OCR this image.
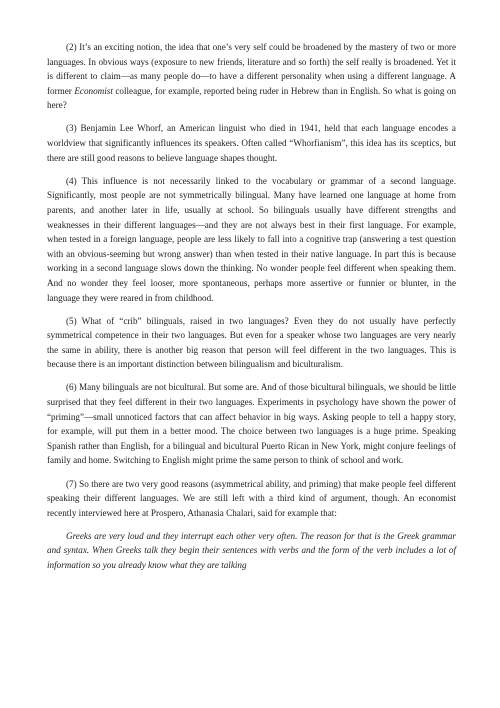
(2) It’s an exciting notion, the idea that one’s very self could be broadened by the mastery of two or more languages. In obvious ways (exposure to new friends, literature and so forth) the self really is broadened. Yet it is different to claim—as many people do—to have a different personality when using a different language. A former Economist colleague, for example, reported being ruder in Hebrew than in English. So what is going on here?

(3) Benjamin Lee Whorf, an American linguist who died in 1941, held that each language encodes a worldview that significantly influences its speakers. Often called “Whorfianism”, this idea has its sceptics, but there are still good reasons to believe language shapes thought.

(4) This influence is not necessarily linked to the vocabulary or grammar of a second language. Significantly, most people are not symmetrically bilingual. Many have learned one language at home from parents, and another later in life, usually at school. So bilinguals usually have different strengths and weaknesses in their different languages—and they are not always best in their first language. For example, when tested in a foreign language, people are less likely to fall into a cognitive trap (answering a test question with an obvious-seeming but wrong answer) than when tested in their native language. In part this is because working in a second language slows down the thinking. No wonder people feel different when speaking them. And no wonder they feel looser, more spontaneous, perhaps more assertive or funnier or blunter, in the language they were reared in from childhood.

(5) What of “crib” bilinguals, raised in two languages? Even they do not usually have perfectly symmetrical competence in their two languages. But even for a speaker whose two languages are very nearly the same in ability, there is another big reason that person will feel different in the two languages. This is because there is an important distinction between bilingualism and biculturalism.

(6) Many bilinguals are not bicultural. But some are. And of those bicultural bilinguals, we should be little surprised that they feel different in their two languages. Experiments in psychology have shown the power of “priming”—small unnoticed factors that can affect behavior in big ways. Asking people to tell a happy story, for example, will put them in a better mood. The choice between two languages is a huge prime. Speaking Spanish rather than English, for a bilingual and bicultural Puerto Rican in New York, might conjure feelings of family and home. Switching to English might prime the same person to think of school and work.

(7) So there are two very good reasons (asymmetrical ability, and priming) that make people feel different speaking their different languages. We are still left with a third kind of argument, though. An economist recently interviewed here at Prospero, Athanasia Chalari, said for example that:

Greeks are very loud and they interrupt each other very often. The reason for that is the Greek grammar and syntax. When Greeks talk they begin their sentences with verbs and the form of the verb includes a lot of information so you already know what they are talking
